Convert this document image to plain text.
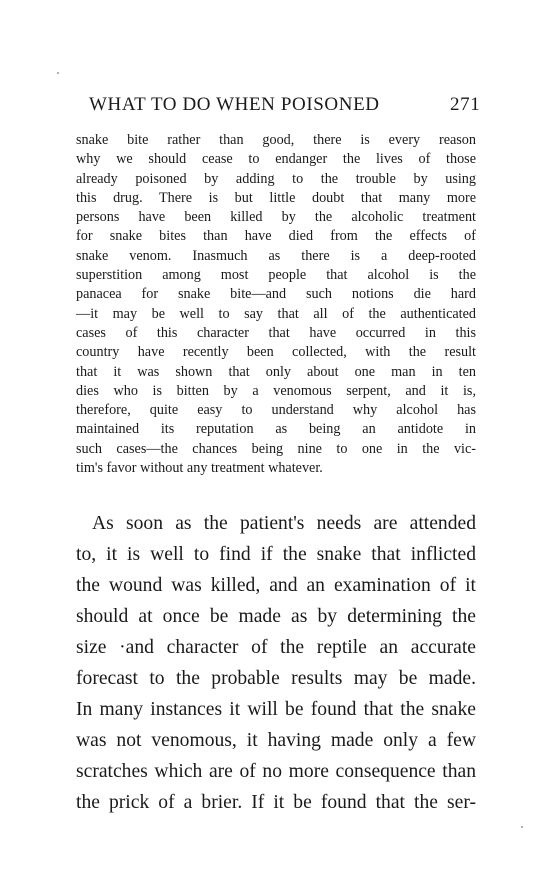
WHAT TO DO WHEN POISONED	271
snake bite rather than good, there is every reason
why we should cease to endanger the lives of those
already poisoned by adding to the trouble by using
this drug. There is but little doubt that many more
persons have been killed by the alcoholic treatment
for snake bites than have died from the effects of
snake venom. Inasmuch as there is a deep-rooted
superstition among most people that alcohol is the
panacea for snake bite—and such notions die hard
—it may be well to say that all of the authenticated
cases of this character that have occurred in this
country have recently been collected, with the result
that it was shown that only about one man in ten
dies who is bitten by a venomous serpent, and it is,
therefore, quite easy to understand why alcohol has
maintained its reputation as being an antidote in
such cases—the chances being nine to one in the vic-
tim's favor without any treatment whatever.
As soon as the patient's needs are attended
to, it is well to find if the snake that inflicted
the wound was killed, and an examination of it
should at once be made as by determining the
size ·and character of the reptile an accurate
forecast to the probable results may be made.
In many instances it will be found that the snake
was not venomous, it having made only a few
scratches which are of no more consequence than
the prick of a brier. If it be found that the ser-
